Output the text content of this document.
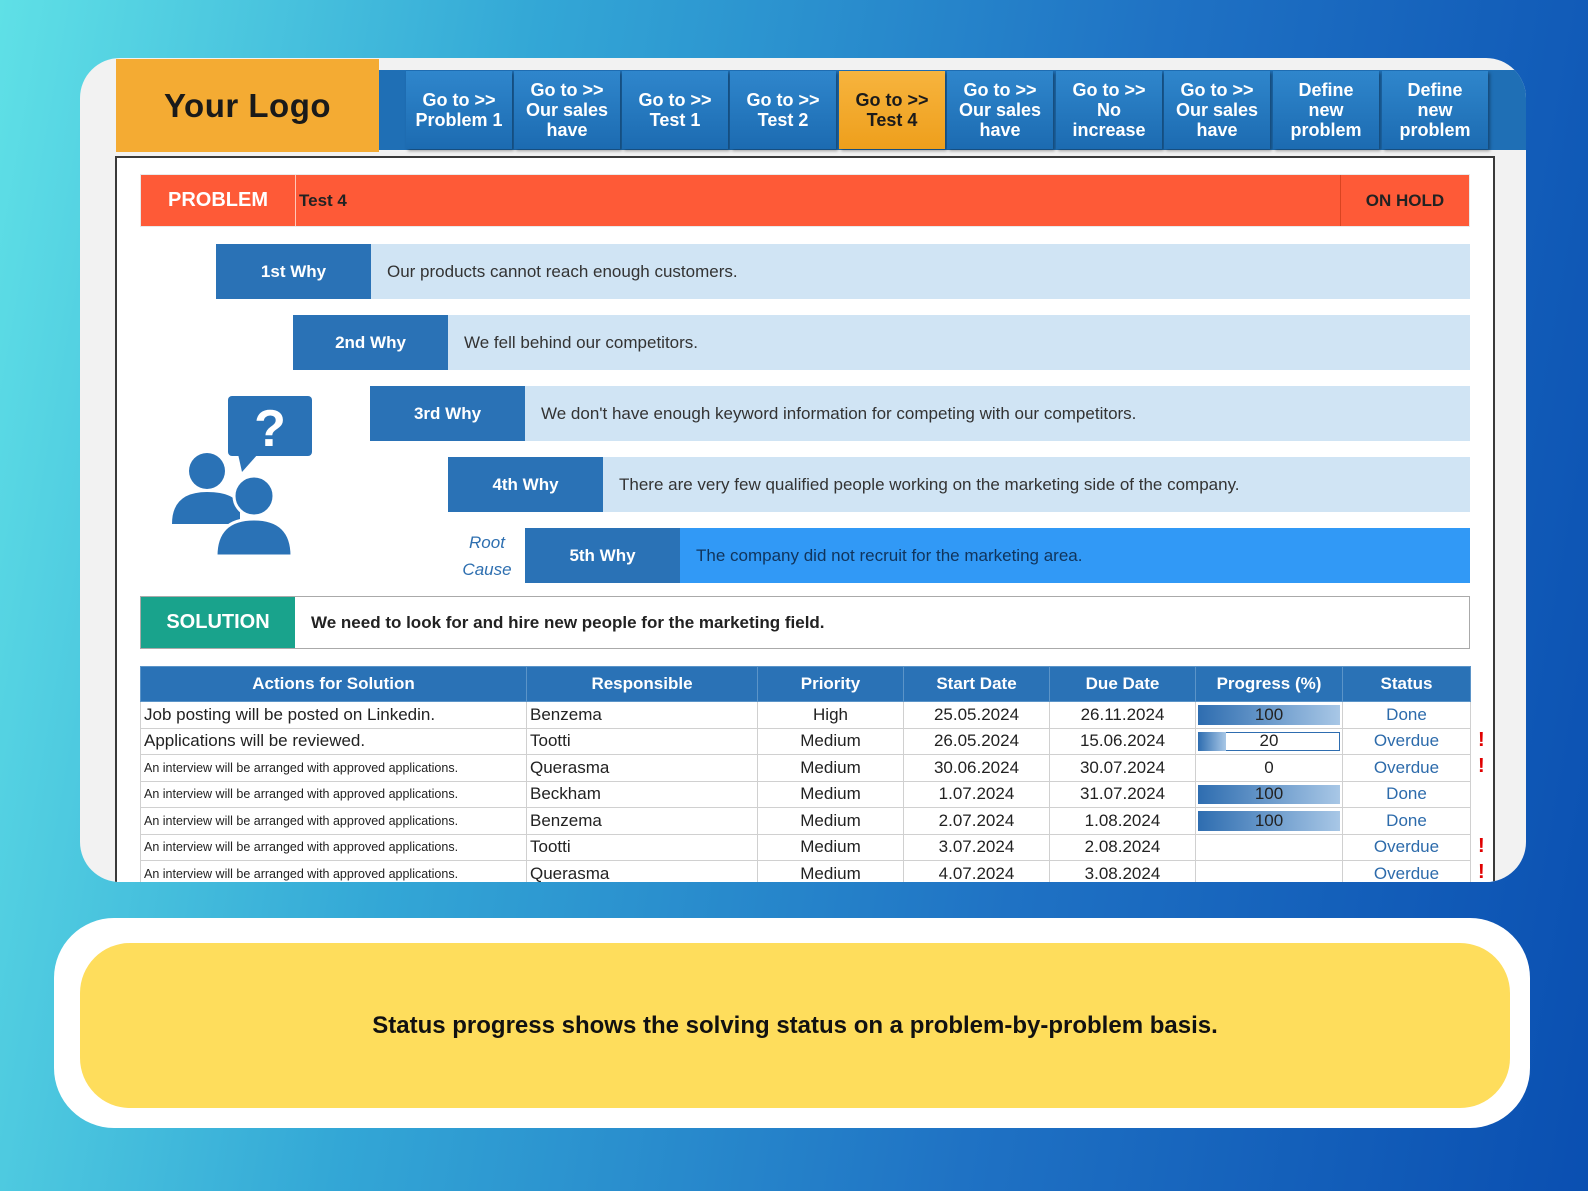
Your Logo	Go to >>
Problem 1
Go to >>
Our sales
have
Go to >>
Test 1
Go to >>
Test 2
Go to >>
Test 4
Go to >>
Our sales
have
Go to >>
No
increase
Go to >>
Our sales
have
Define
new
problem
Define
new
problem
PROBLEM	Test 4	ON HOLD
1st Why	Our products cannot reach enough customers.
2nd Why	We fell behind our competitors.
3rd Why	We don't have enough keyword information for competing with our competitors.
4th Why	There are very few qualified people working on the marketing side of the company.
5th Why	The company did not recruit for the marketing area.
Root
Cause
?
SOLUTION	We need to look for and hire new people for the marketing field.
Actions for Solution	Responsible	Priority	Start Date	Due Date	Progress (%)	Status
Job posting will be posted on Linkedin.	Benzema	High	25.05.2024	26.11.2024	100	Done
Applications will be reviewed.	Tootti	Medium	26.05.2024	15.06.2024	20	Overdue
An interview will be arranged with approved applications.	Querasma	Medium	30.06.2024	30.07.2024	0	Overdue
An interview will be arranged with approved applications.	Beckham	Medium	1.07.2024	31.07.2024	100	Done
An interview will be arranged with approved applications.	Benzema	Medium	2.07.2024	1.08.2024	100	Done
An interview will be arranged with approved applications.	Tootti	Medium	3.07.2024	2.08.2024		Overdue
An interview will be arranged with approved applications.	Querasma	Medium	4.07.2024	3.08.2024		Overdue
!
!
!
!
Status progress shows the solving status on a problem-by-problem basis.
